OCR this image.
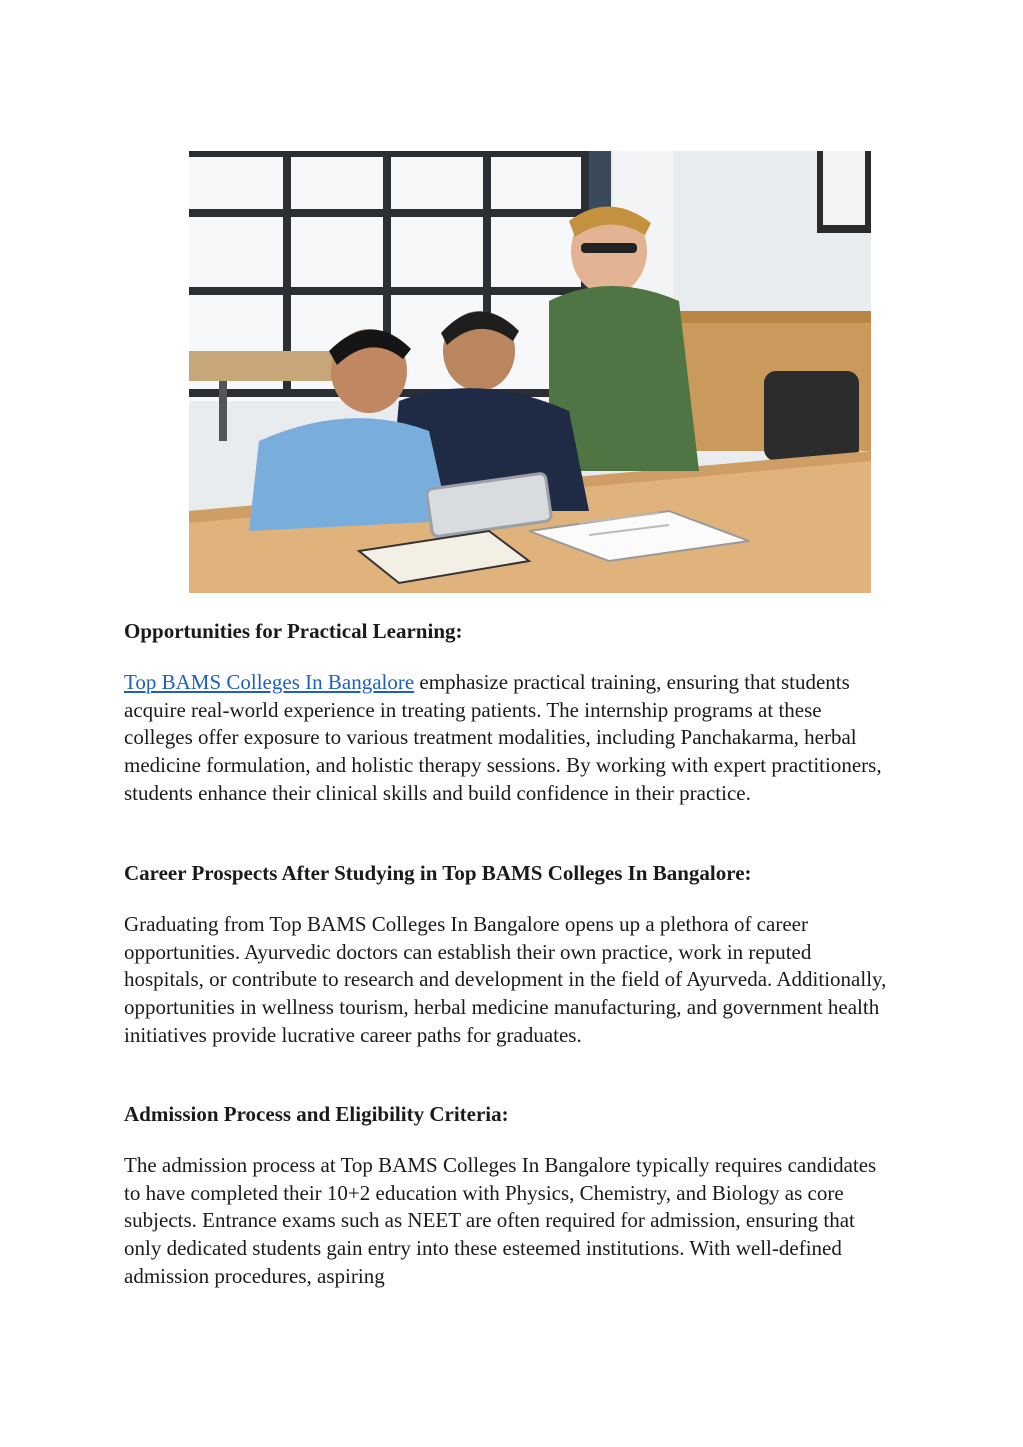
Opportunities for Practical Learning:

Top BAMS Colleges In Bangalore emphasize practical training, ensuring that students acquire real-world experience in treating patients. The internship programs at these colleges offer exposure to various treatment modalities, including Panchakarma, herbal medicine formulation, and holistic therapy sessions. By working with expert practitioners, students enhance their clinical skills and build confidence in their practice.

Career Prospects After Studying in Top BAMS Colleges In Bangalore:

Graduating from Top BAMS Colleges In Bangalore opens up a plethora of career opportunities. Ayurvedic doctors can establish their own practice, work in reputed hospitals, or contribute to research and development in the field of Ayurveda. Additionally, opportunities in wellness tourism, herbal medicine manufacturing, and government health initiatives provide lucrative career paths for graduates.

Admission Process and Eligibility Criteria:

The admission process at Top BAMS Colleges In Bangalore typically requires candidates to have completed their 10+2 education with Physics, Chemistry, and Biology as core subjects. Entrance exams such as NEET are often required for admission, ensuring that only dedicated students gain entry into these esteemed institutions. With well-defined admission procedures, aspiring
